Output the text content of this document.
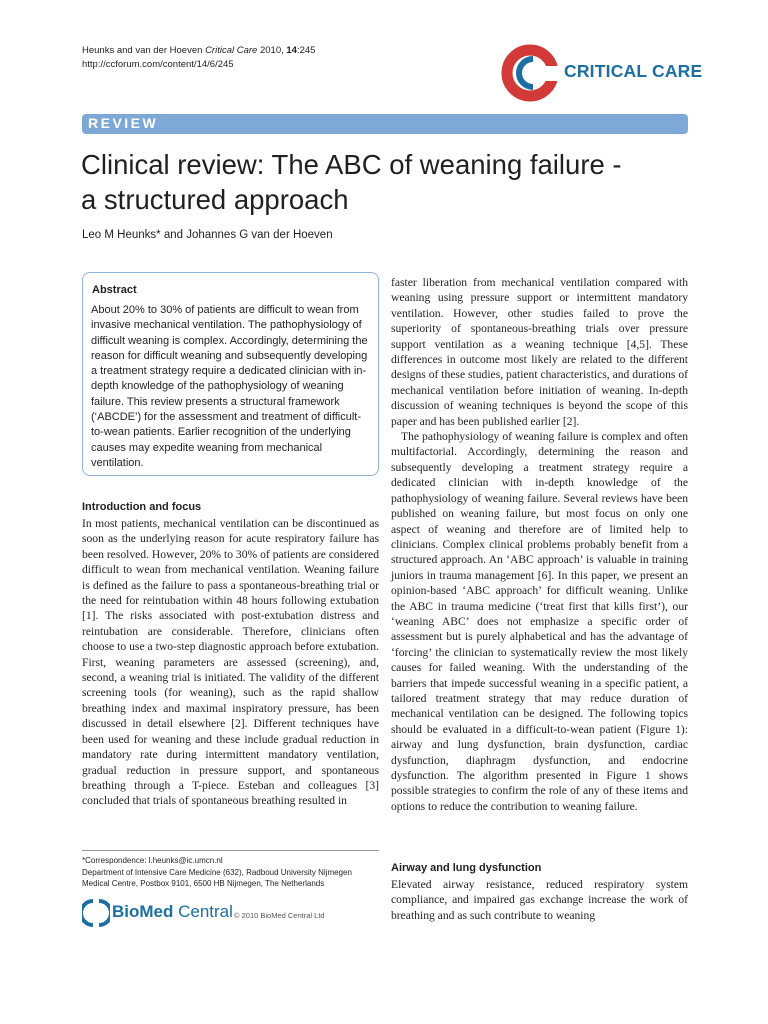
Heunks and van der Hoeven Critical Care 2010, 14:245
http://ccforum.com/content/14/6/245	CRITICAL CARE
REVIEW
Clinical review: The ABC of weaning failure -
a structured approach
Leo M Heunks* and Johannes G van der Hoeven
Abstract
About 20% to 30% of patients are difficult to wean from invasive mechanical ventilation. The pathophysiology of difficult weaning is complex. Accordingly, determining the reason for difficult weaning and subsequently developing a treatment strategy require a dedicated clinician with in-depth knowledge of the pathophysiology of weaning failure. This review presents a structural framework (‘ABCDE’) for the assessment and treatment of difficult-to-wean patients. Earlier recognition of the underlying causes may expedite weaning from mechanical ventilation.
Introduction and focus

In most patients, mechanical ventilation can be discontinued as soon as the underlying reason for acute respiratory failure has been resolved. However, 20% to 30% of patients are considered difficult to wean from mechanical ventilation. Weaning failure is defined as the failure to pass a spontaneous-breathing trial or the need for reintubation within 48 hours following extubation [1]. The risks associated with post-extubation distress and reintubation are considerable. Therefore, clinicians often choose to use a two-step diagnostic approach before extubation. First, weaning parameters are assessed (screening), and, second, a weaning trial is initiated. The validity of the different screening tools (for weaning), such as the rapid shallow breathing index and maximal inspiratory pressure, has been discussed in detail elsewhere [2]. Different techniques have been used for weaning and these include gradual reduction in mandatory rate during intermittent mandatory ventilation, gradual reduction in pressure support, and spontaneous breathing through a T-piece. Esteban and colleagues [3] concluded that trials of spontaneous breathing resulted in

*Correspondence: l.heunks@ic.umcn.nl
Department of Intensive Care Medicine (632), Radboud University Nijmegen
Medical Centre, Postbox 9101, 6500 HB Nijmegen, The Netherlands
BioMed Central © 2010 BioMed Central Ltd

faster liberation from mechanical ventilation compared with weaning using pressure support or intermittent mandatory ventilation. However, other studies failed to prove the superiority of spontaneous-breathing trials over pressure support ventilation as a weaning technique [4,5]. These differences in outcome most likely are related to the different designs of these studies, patient characteristics, and durations of mechanical ventilation before initiation of weaning. In-depth discussion of weaning techniques is beyond the scope of this paper and has been published earlier [2].

The pathophysiology of weaning failure is complex and often multifactorial. Accordingly, determining the reason and subsequently developing a treatment strategy require a dedicated clinician with in-depth knowledge of the pathophysiology of weaning failure. Several reviews have been published on weaning failure, but most focus on only one aspect of weaning and therefore are of limited help to clinicians. Complex clinical problems probably benefit from a structured approach. An ‘ABC approach’ is valuable in training juniors in trauma management [6]. In this paper, we present an opinion-based ‘ABC approach’ for difficult weaning. Unlike the ABC in trauma medicine (‘treat first that kills first’), our ‘weaning ABC’ does not emphasize a specific order of assessment but is purely alphabetical and has the advantage of ‘forcing’ the clinician to systematically review the most likely causes for failed weaning. With the understanding of the barriers that impede successful weaning in a specific patient, a tailored treatment strategy that may reduce duration of mechanical ventilation can be designed. The following topics should be evaluated in a difficult-to-wean patient (Figure 1): airway and lung dysfunction, brain dysfunction, cardiac dysfunction, diaphragm dysfunction, and endocrine dysfunction. The algorithm presented in Figure 1 shows possible strategies to confirm the role of any of these items and options to reduce the contribution to weaning failure.

Airway and lung dysfunction

Elevated airway resistance, reduced respiratory system compliance, and impaired gas exchange increase the work of breathing and as such contribute to weaning
